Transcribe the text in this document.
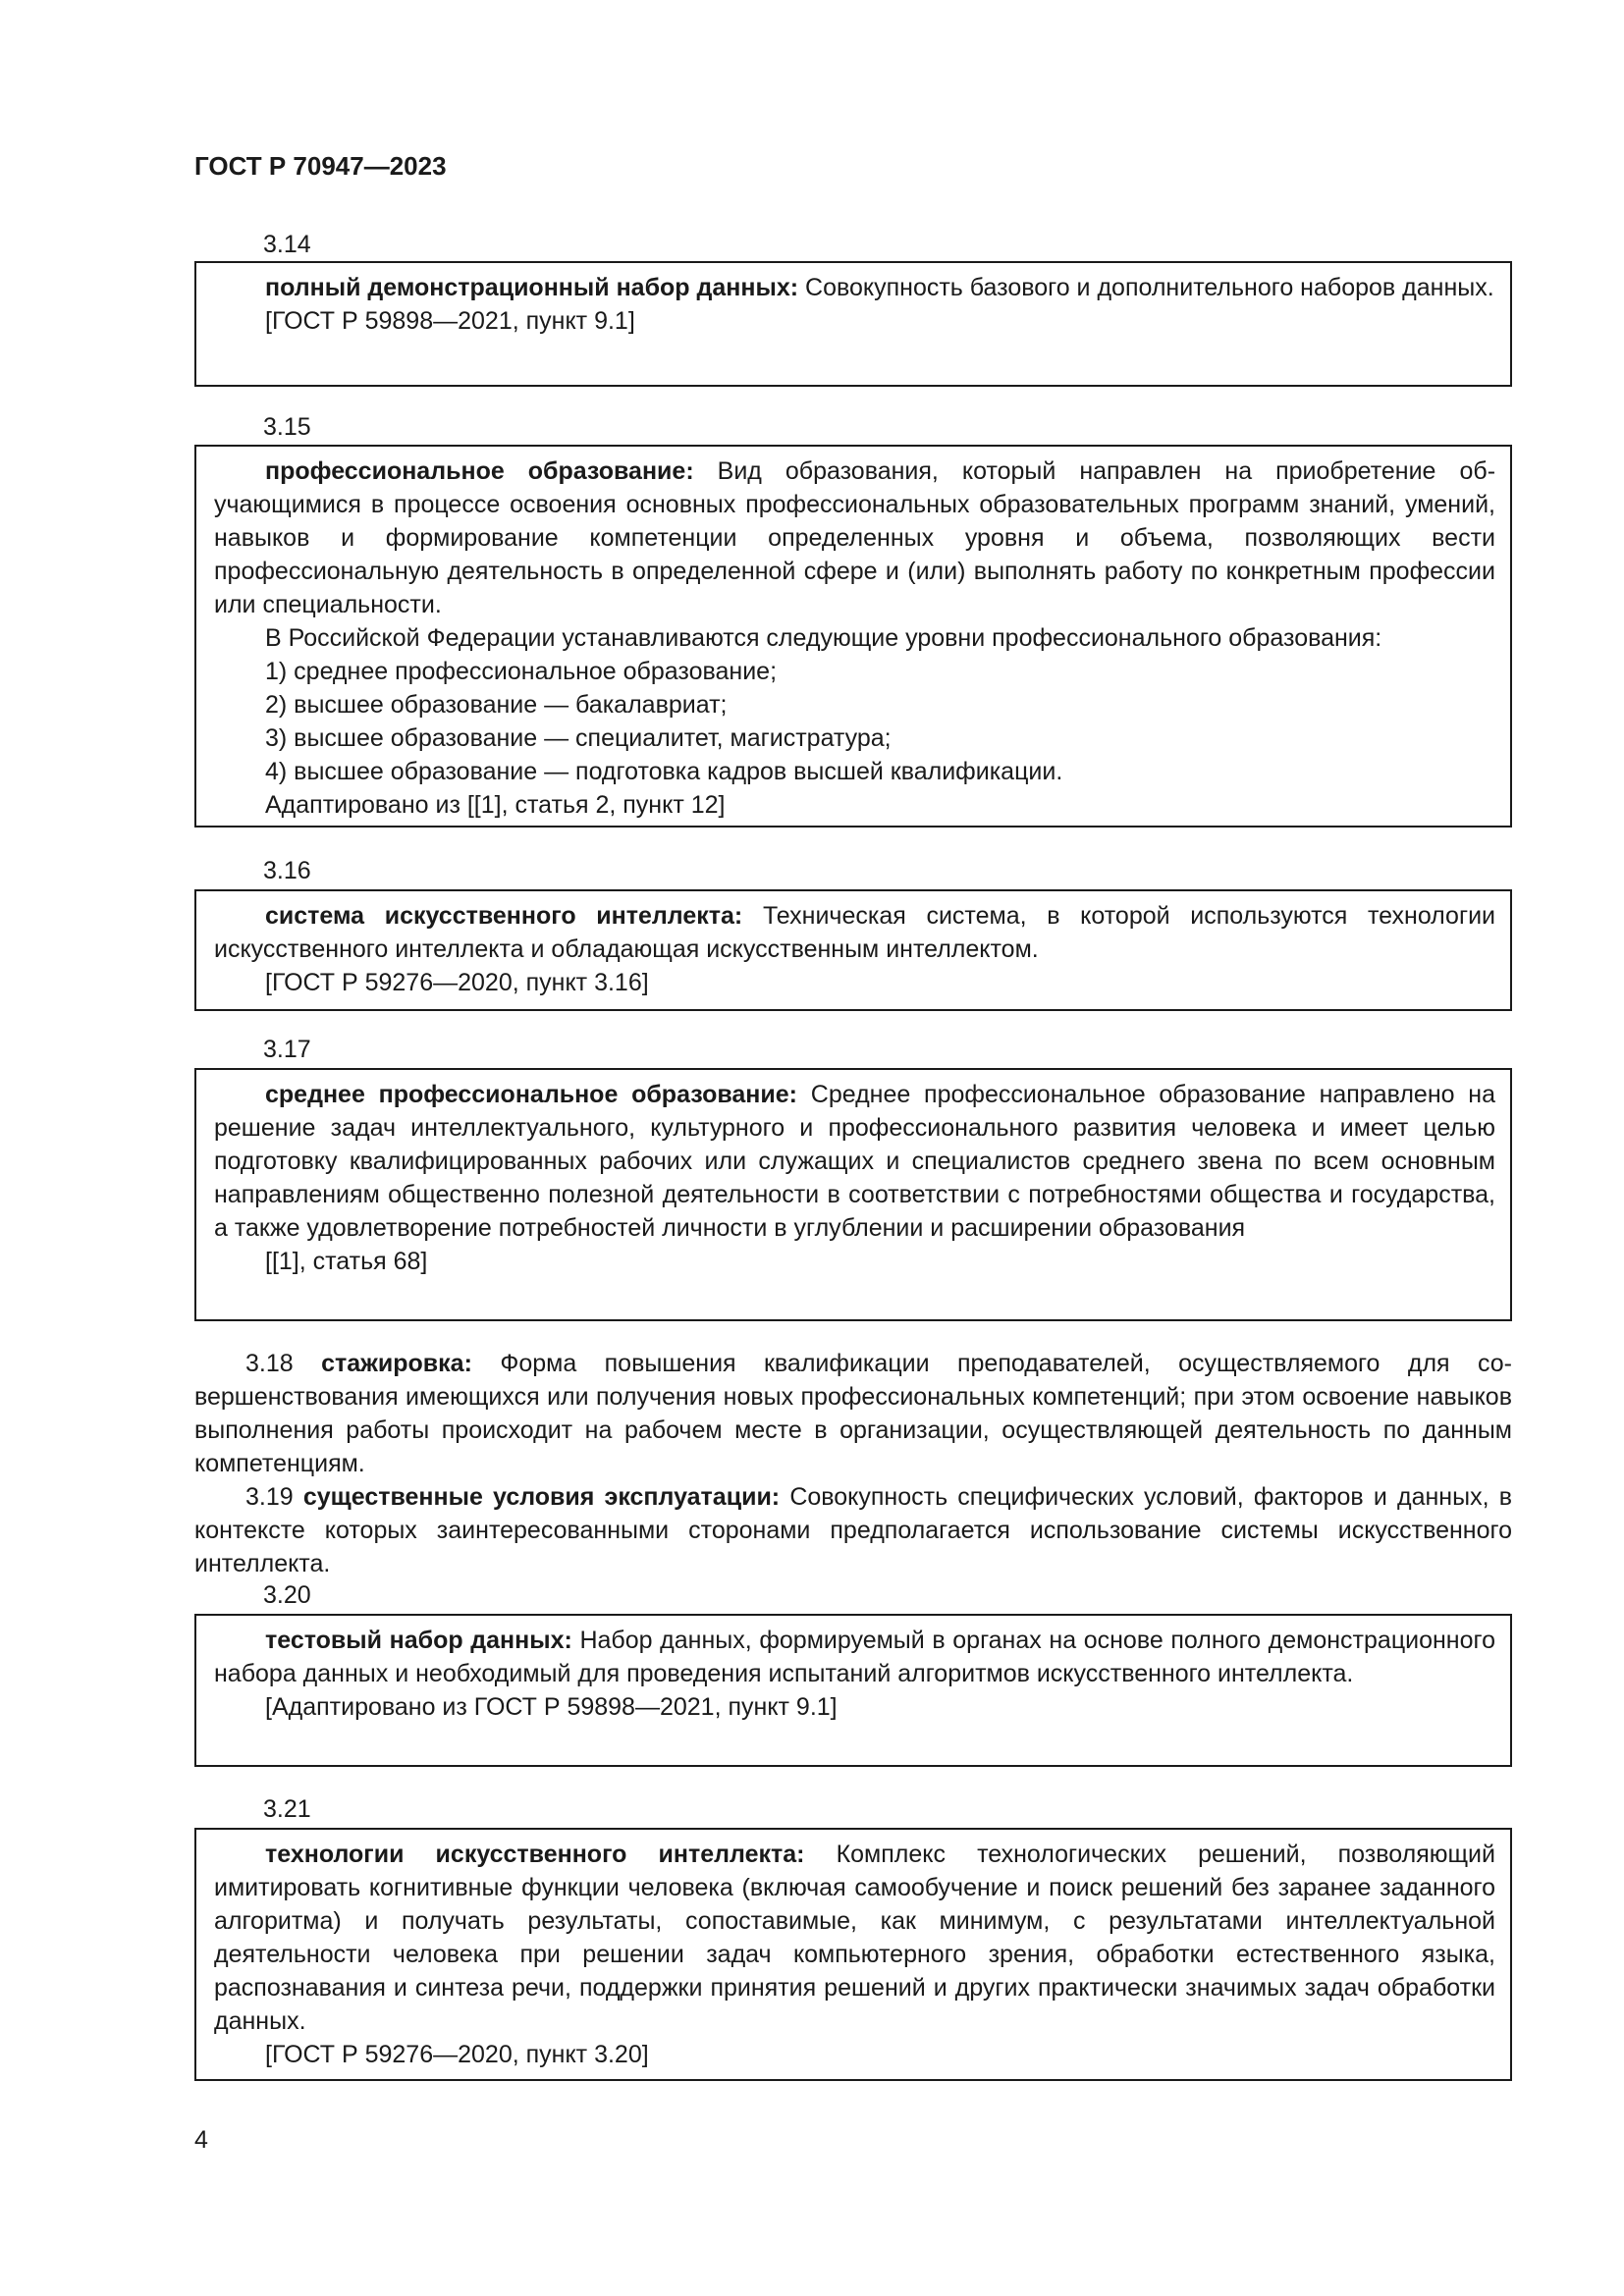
ГОСТ Р 70947—2023
3.14

полный демонстрационный набор данных: Совокупность базового и дополнительного наборов данных.

[ГОСТ Р 59898—2021, пункт 9.1]

3.15

профессиональное образование: Вид образования, который направлен на приобретение обучающимися в процессе освоения основных профессиональных образовательных программ знаний, умений, навыков и формирование компетенции определенных уровня и объема, позволяющих вести профессиональную деятельность в определенной сфере и (или) выполнять работу по конкретным профессии или специальности.

В Российской Федерации устанавливаются следующие уровни профессионального образования:

1) среднее профессиональное образование;

2) высшее образование — бакалавриат;

3) высшее образование — специалитет, магистратура;

4) высшее образование — подготовка кадров высшей квалификации.

Адаптировано из [[1], статья 2, пункт 12]

3.16

система искусственного интеллекта: Техническая система, в которой используются технологии искусственного интеллекта и обладающая искусственным интеллектом.

[ГОСТ Р 59276—2020, пункт 3.16]

3.17

среднее профессиональное образование: Среднее профессиональное образование направлено на решение задач интеллектуального, культурного и профессионального развития человека и имеет целью подготовку квалифицированных рабочих или служащих и специалистов среднего звена по всем основным направлениям общественно полезной деятельности в соответствии с потребностями общества и государства, а также удовлетворение потребностей личности в углублении и расширении образования

[[1], статья 68]

3.18 стажировка: Форма повышения квалификации преподавателей, осуществляемого для совершенствования имеющихся или получения новых профессиональных компетенций; при этом освоение навыков выполнения работы происходит на рабочем месте в организации, осуществляющей деятельность по данным компетенциям.

3.19 существенные условия эксплуатации: Совокупность специфических условий, факторов и данных, в контексте которых заинтересованными сторонами предполагается использование системы искусственного интеллекта.

3.20

тестовый набор данных: Набор данных, формируемый в органах на основе полного демонстрационного набора данных и необходимый для проведения испытаний алгоритмов искусственного интеллекта.

[Адаптировано из ГОСТ Р 59898—2021, пункт 9.1]

3.21

технологии искусственного интеллекта: Комплекс технологических решений, позволяющий имитировать когнитивные функции человека (включая самообучение и поиск решений без заранее заданного алгоритма) и получать результаты, сопоставимые, как минимум, с результатами интеллектуальной деятельности человека при решении задач компьютерного зрения, обработки естественного языка, распознавания и синтеза речи, поддержки принятия решений и других практически значимых задач обработки данных.

[ГОСТ Р 59276—2020, пункт 3.20]

4
